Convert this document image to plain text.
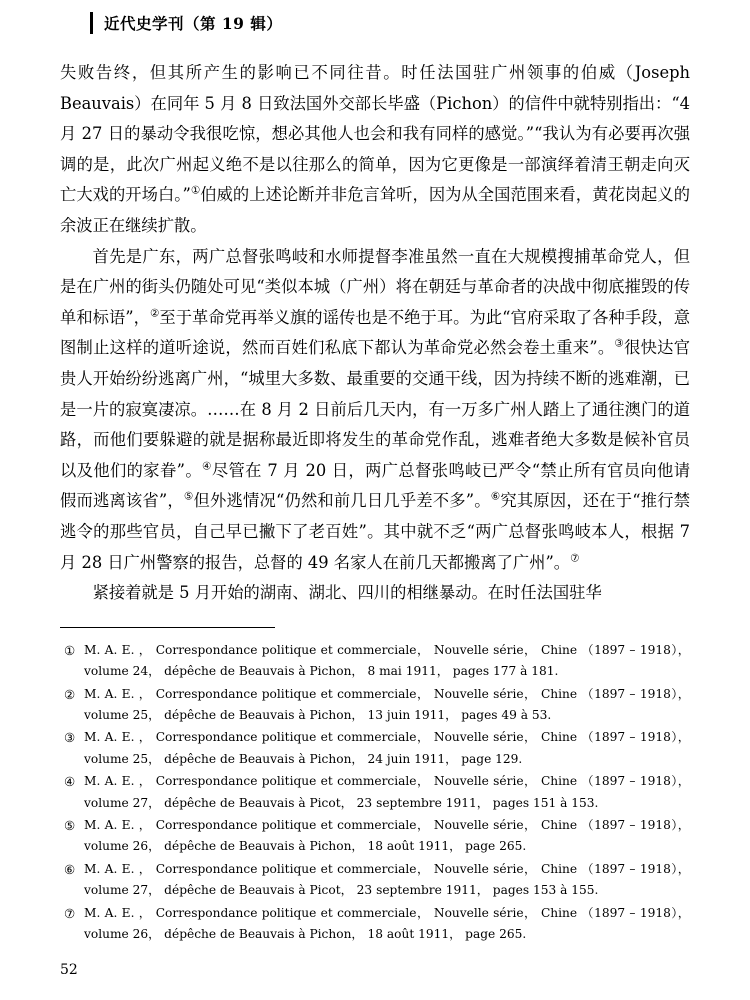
近代史学刊（第 19 辑）

失败告终，但其所产生的影响已不同往昔。时任法国驻广州领事的伯威（Joseph Beauvais）在同年 5 月 8 日致法国外交部长毕盛（Pichon）的信件中就特别指出：“4 月 27 日的暴动令我很吃惊，想必其他人也会和我有同样的感觉。”“我认为有必要再次强调的是，此次广州起义绝不是以往那么的简单，因为它更像是一部演绎着清王朝走向灭亡大戏的开场白。”①伯威的上述论断并非危言耸听，因为从全国范围来看，黄花岗起义的余波正在继续扩散。

首先是广东，两广总督张鸣岐和水师提督李准虽然一直在大规模搜捕革命党人，但是在广州的街头仍随处可见“类似本城（广州）将在朝廷与革命者的决战中彻底摧毁的传单和标语”，②至于革命党再举义旗的谣传也是不绝于耳。为此“官府采取了各种手段，意图制止这样的道听途说，然而百姓们私底下都认为革命党必然会卷土重来”。③很快达官贵人开始纷纷逃离广州，“城里大多数、最重要的交通干线，因为持续不断的逃难潮，已是一片的寂寞凄凉。……在 8 月 2 日前后几天内，有一万多广州人踏上了通往澳门的道路，而他们要躲避的就是据称最近即将发生的革命党作乱，逃难者绝大多数是候补官员以及他们的家眷”。④尽管在 7 月 20 日，两广总督张鸣岐已严令“禁止所有官员向他请假而逃离该省”，⑤但外逃情况“仍然和前几日几乎差不多”。⑥究其原因，还在于“推行禁逃令的那些官员，自己早已撇下了老百姓”。其中就不乏“两广总督张鸣岐本人，根据 7 月 28 日广州警察的报告，总督的 49 名家人在前几天都搬离了广州”。⑦

紧接着就是 5 月开始的湖南、湖北、四川的相继暴动。在时任法国驻华

① M. A. E. ， Correspondance politique et commerciale， Nouvelle série， Chine （1897 – 1918），
volume 24， dépêche de Beauvais à Pichon， 8 mai 1911， pages 177 à 181.
② M. A. E. ， Correspondance politique et commerciale， Nouvelle série， Chine （1897 – 1918），
volume 25， dépêche de Beauvais à Pichon， 13 juin 1911， pages 49 à 53.
③ M. A. E. ， Correspondance politique et commerciale， Nouvelle série， Chine （1897 – 1918），
volume 25， dépêche de Beauvais à Pichon， 24 juin 1911， page 129.
④ M. A. E. ， Correspondance politique et commerciale， Nouvelle série， Chine （1897 – 1918），
volume 27， dépêche de Beauvais à Picot， 23 septembre 1911， pages 151 à 153.
⑤ M. A. E. ， Correspondance politique et commerciale， Nouvelle série， Chine （1897 – 1918），
volume 26， dépêche de Beauvais à Pichon， 18 août 1911， page 265.
⑥ M. A. E. ， Correspondance politique et commerciale， Nouvelle série， Chine （1897 – 1918），
volume 27， dépêche de Beauvais à Picot， 23 septembre 1911， pages 153 à 155.
⑦ M. A. E. ， Correspondance politique et commerciale， Nouvelle série， Chine （1897 – 1918），
volume 26， dépêche de Beauvais à Pichon， 18 août 1911， page 265.
52
